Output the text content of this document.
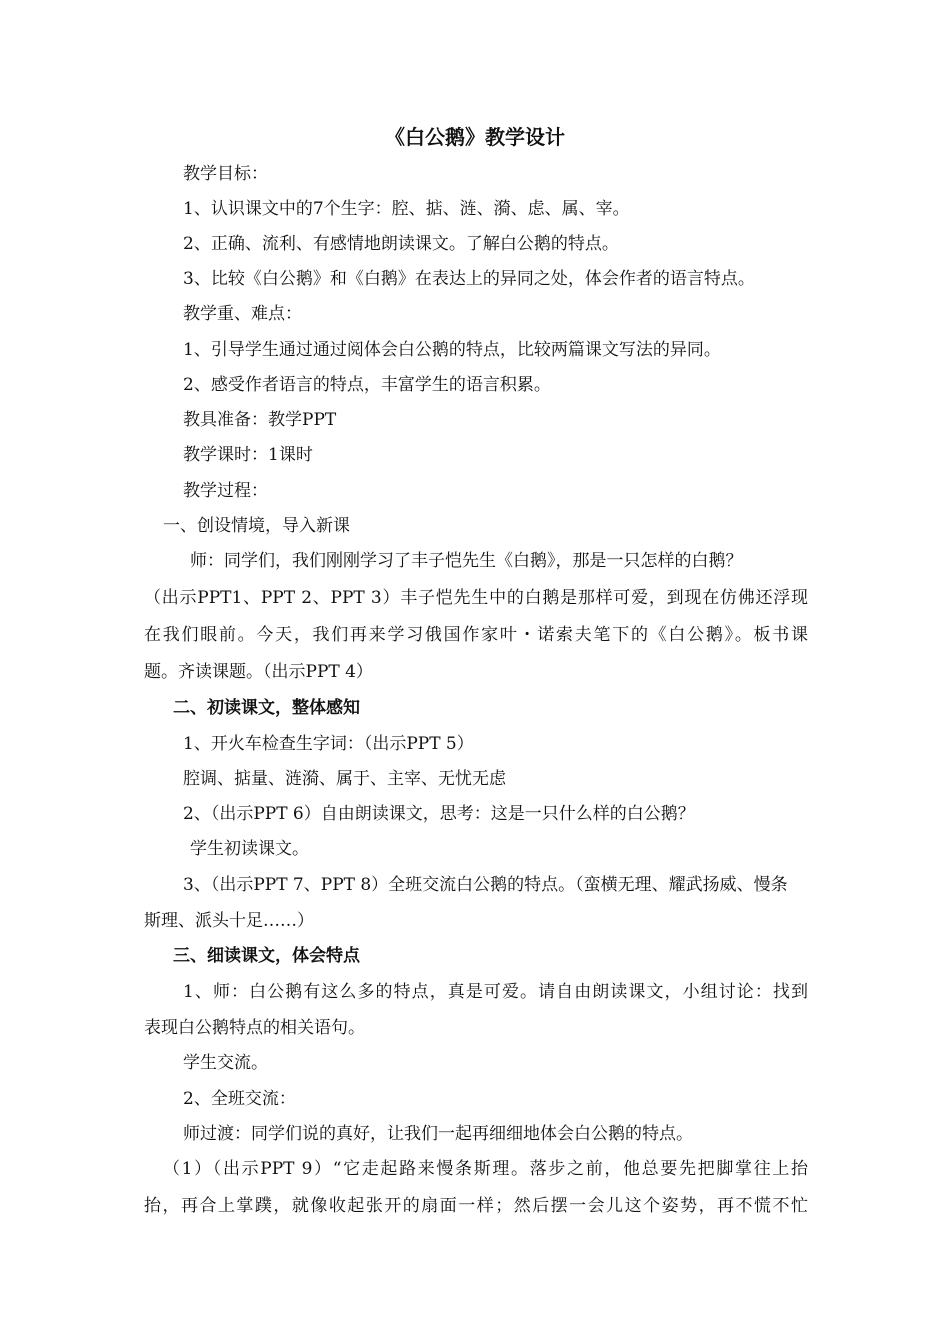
《白公鹅》教学设计
教学目标：
1、认识课文中的7个生字：腔、掂、涟、漪、虑、属、宰。
2、正确、流利、有感情地朗读课文。了解白公鹅的特点。
3、比较《白公鹅》和《白鹅》在表达上的异同之处，体会作者的语言特点。
教学重、难点：
1、引导学生通过通过阅体会白公鹅的特点，比较两篇课文写法的异同。
2、感受作者语言的特点，丰富学生的语言积累。
教具准备：教学PPT
教学课时：1课时
教学过程：
一、创设情境，导入新课
师：同学们，我们刚刚学习了丰子恺先生《白鹅》，那是一只怎样的白鹅？
（出示PPT1、PPT 2、PPT 3）丰子恺先生中的白鹅是那样可爱，到现在仿佛还浮现
在我们眼前。今天，我们再来学习俄国作家叶・诺索夫笔下的《白公鹅》。板书课
题。齐读课题。（出示PPT 4）
二、初读课文，整体感知
1、开火车检查生字词：（出示PPT 5）
腔调、掂量、涟漪、属于、主宰、无忧无虑
2、（出示PPT 6）自由朗读课文，思考：这是一只什么样的白公鹅？
学生初读课文。
3、（出示PPT 7、PPT 8）全班交流白公鹅的特点。（蛮横无理、耀武扬威、慢条
斯理、派头十足……）
三、细读课文，体会特点
1、师：白公鹅有这么多的特点，真是可爱。请自由朗读课文，小组讨论：找到
表现白公鹅特点的相关语句。
学生交流。
2、全班交流：
师过渡：同学们说的真好，让我们一起再细细地体会白公鹅的特点。
（1）（出示PPT 9）“它走起路来慢条斯理。落步之前，他总要先把脚掌往上抬
抬，再合上掌蹼，就像收起张开的扇面一样；然后摆一会儿这个姿势，再不慌不忙
